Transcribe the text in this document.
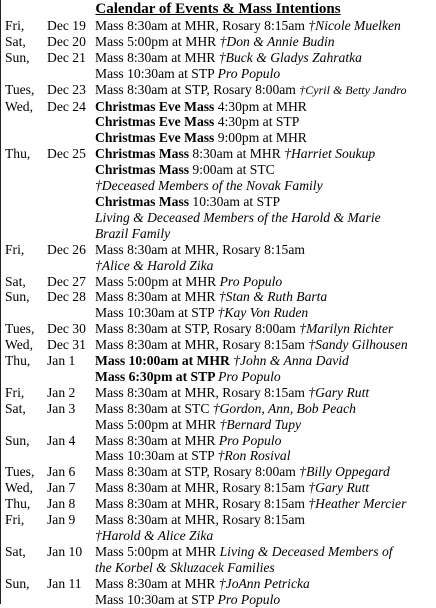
Calendar of Events & Mass Intentions
Fri,	Dec 19 Mass 8:30am at MHR, Rosary 8:15am †Nicole Muelken
Sat,	Dec 20 Mass 5:00pm at MHR †Don & Annie Budin
Sun,	Dec 21 Mass 8:30am at MHR †Buck & Gladys Zahratka
Mass 10:30am at STP Pro Populo
Tues, Dec 23 Mass 8:30am at STP, Rosary 8:00am †Cyril & Betty Jandro
Wed,	Dec 24 Christmas Eve Mass 4:30pm at MHR
Christmas Eve Mass 4:30pm at STP
Christmas Eve Mass 9:00pm at MHR
Thu,	Dec 25 Christmas Mass 8:30am at MHR †Harriet Soukup
Christmas Mass 9:00am at STC
†Deceased Members of the Novak Family
Christmas Mass 10:30am at STP
Living & Deceased Members of the Harold & Marie
Brazil Family
Fri,	Dec 26 Mass 8:30am at MHR, Rosary 8:15am
†Alice & Harold Zika
Sat,	Dec 27 Mass 5:00pm at MHR Pro Populo
Sun,	Dec 28 Mass 8:30am at MHR †Stan & Ruth Barta
Mass 10:30am at STP †Kay Von Ruden
Tues, Dec 30 Mass 8:30am at STP, Rosary 8:00am †Marilyn Richter
Wed,	Dec 31 Mass 8:30am at MHR, Rosary 8:15am †Sandy Gilhousen
Thu,	Jan 1	Mass 10:00am at MHR †John & Anna David
Mass 6:30pm at STP Pro Populo
Fri,	Jan 2	Mass 8:30am at MHR, Rosary 8:15am †Gary Rutt
Sat,	Jan 3	Mass 8:30am at STC †Gordon, Ann, Bob Peach
Mass 5:00pm at MHR †Bernard Tupy
Sun,	Jan 4	Mass 8:30am at MHR Pro Populo
Mass 10:30am at STP †Ron Rosival
Tues, Jan 6	Mass 8:30am at STP, Rosary 8:00am †Billy Oppegard
Wed,	Jan 7	Mass 8:30am at MHR, Rosary 8:15am †Gary Rutt
Thu,	Jan 8	Mass 8:30am at MHR, Rosary 8:15am †Heather Mercier
Fri,	Jan 9	Mass 8:30am at MHR, Rosary 8:15am
†Harold & Alice Zika
Sat,	Jan 10 Mass 5:00pm at MHR Living & Deceased Members of
the Korbel & Skluzacek Families
Sun,	Jan 11 Mass 8:30am at MHR †JoAnn Petricka
Mass 10:30am at STP Pro Populo
